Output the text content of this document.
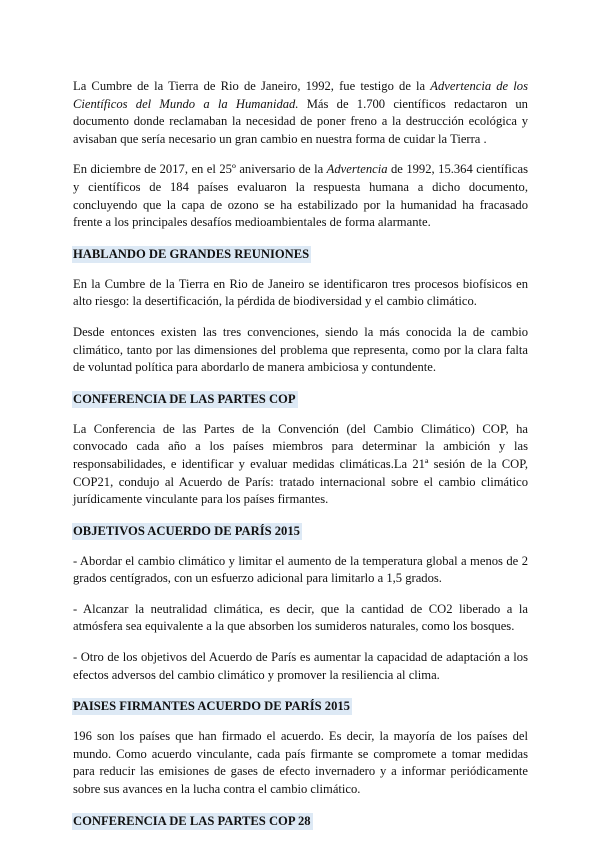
La Cumbre de la Tierra de Rio de Janeiro, 1992, fue testigo de la Advertencia de los Científicos del Mundo a la Humanidad. Más de 1.700 científicos redactaron un documento donde reclamaban la necesidad de poner freno a la destrucción ecológica y avisaban que sería necesario un gran cambio en nuestra forma de cuidar la Tierra .

En diciembre de 2017, en el 25º aniversario de la Advertencia de 1992, 15.364 científicas y científicos de 184 países evaluaron la respuesta humana a dicho documento, concluyendo que la capa de ozono se ha estabilizado por la humanidad ha fracasado frente a los principales desafíos medioambientales de forma alarmante.

HABLANDO DE GRANDES REUNIONES

En la Cumbre de la Tierra en Rio de Janeiro se identificaron tres procesos biofísicos en alto riesgo: la desertificación, la pérdida de biodiversidad y el cambio climático.

Desde entonces existen las tres convenciones, siendo la más conocida la de cambio climático, tanto por las dimensiones del problema que representa, como por la clara falta de voluntad política para abordarlo de manera ambiciosa y contundente.

CONFERENCIA DE LAS PARTES COP

La Conferencia de las Partes de la Convención (del Cambio Climático) COP, ha convocado cada año a los países miembros para determinar la ambición y las responsabilidades, e identificar y evaluar medidas climáticas.La 21ª sesión de la COP, COP21, condujo al Acuerdo de París: tratado internacional sobre el cambio climático jurídicamente vinculante para los países firmantes.

OBJETIVOS ACUERDO DE PARÍS 2015

- Abordar el cambio climático y limitar el aumento de la temperatura global a menos de 2 grados centígrados, con un esfuerzo adicional para limitarlo a 1,5 grados.

- Alcanzar la neutralidad climática, es decir, que la cantidad de CO2 liberado a la atmósfera sea equivalente a la que absorben los sumideros naturales, como los bosques.

- Otro de los objetivos del Acuerdo de París es aumentar la capacidad de adaptación a los efectos adversos del cambio climático y promover la resiliencia al clima.

PAISES FIRMANTES ACUERDO DE PARÍS 2015

196 son los países que han firmado el acuerdo. Es decir, la mayoría de los países del mundo. Como acuerdo vinculante, cada país firmante se compromete a tomar medidas para reducir las emisiones de gases de efecto invernadero y a informar periódicamente sobre sus avances en la lucha contra el cambio climático.

CONFERENCIA DE LAS PARTES COP 28
